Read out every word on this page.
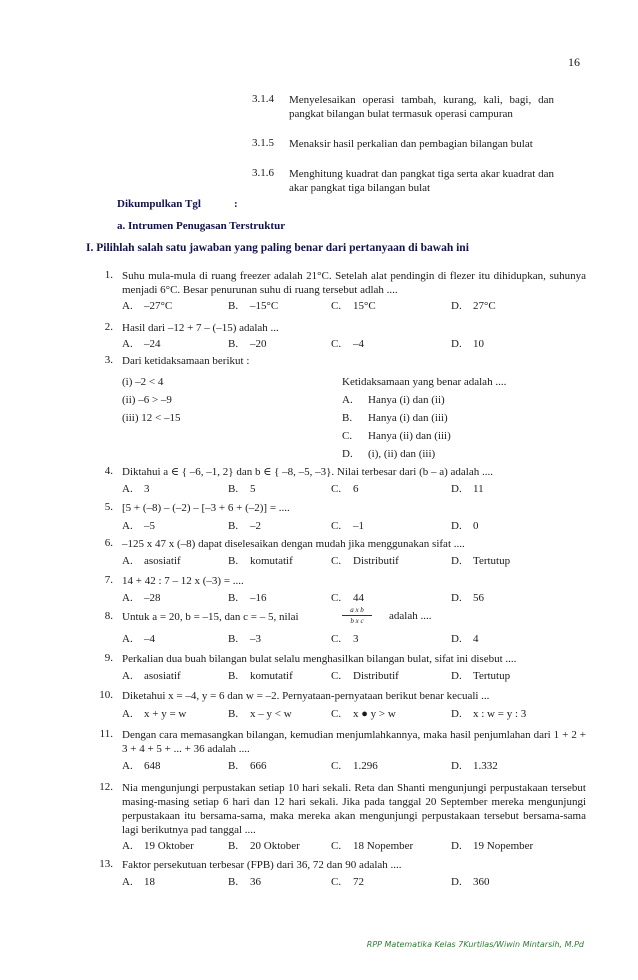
16
3.1.4 Menyelesaikan operasi tambah, kurang, kali, bagi, dan pangkat bilangan bulat termasuk operasi campuran
3.1.5 Menaksir hasil perkalian dan pembagian bilangan bulat
3.1.6 Menghitung kuadrat dan pangkat tiga serta akar kuadrat dan akar pangkat tiga bilangan bulat
Dikumpulkan Tgl	:
a. Intrumen Penugasan Terstruktur
I. Pilihlah salah satu jawaban yang paling benar dari pertanyaan di bawah ini
1. Suhu mula-mula di ruang freezer adalah 21°C. Setelah alat pendingin di flezer itu dihidupkan, suhunya menjadi 6°C. Besar penurunan suhu di ruang tersebut adlah ....
A. –27°C	B. –15°C	C. 15°C	D. 27°C
2. Hasil dari –12 + 7 – (–15) adalah ...
A. –24	B. –20	C. –4	D. 10
3. Dari ketidaksamaan berikut :
(i) –2 < 4
(ii) –6 > –9
(iii) 12 < –15
Ketidaksamaan yang benar adalah ....
A. Hanya (i) dan (ii)
B. Hanya (i) dan (iii)
C. Hanya (ii) dan (iii)
D. (i), (ii) dan (iii)
4. Diktahui a ∈ { –6, –1, 2} dan b ∈ { –8, –5, –3}. Nilai terbesar dari (b – a) adalah ....
A. 3	B. 5	C. 6	D. 11
5. [5 + (–8) – (–2) – [–3 + 6 + (–2)] = ....
A. –5	B. –2	C. –1	D. 0
6. –125 x 47 x (–8) dapat diselesaikan dengan mudah jika menggunakan sifat ....
A. asosiatif	B. komutatif	C. Distributif	D. Tertutup
7. 14 + 42 : 7 – 12 x (–3) = ....
A. –28	B. –16	C. 44	D. 56
8. Untuk a = 20, b = –15, dan c = – 5, nilai
a x b
b x c	adalah ....
A. –4	B. –3	C. 3	D. 4
9. Perkalian dua buah bilangan bulat selalu menghasilkan bilangan bulat, sifat ini disebut ....
A. asosiatif	B. komutatif	C. Distributif	D. Tertutup
10. Diketahui x = –4, y = 6 dan w = –2. Pernyataan-pernyataan berikut benar kecuali ...
A. x + y = w	B. x – y < w	C. x ● y > w	D. x : w = y : 3
11. Dengan cara memasangkan bilangan, kemudian menjumlahkannya, maka hasil penjumlahan dari 1 + 2 + 3 + 4 + 5 + ... + 36 adalah ....
A. 648	B. 666	C. 1.296	D. 1.332
12. Nia mengunjungi perpustakan setiap 10 hari sekali. Reta dan Shanti mengunjungi perpustakaan tersebut masing-masing setiap 6 hari dan 12 hari sekali. Jika pada tanggal 20 September mereka mengunjungi perpustakaan itu bersama-sama, maka mereka akan mengunjungi perpustakaan tersebut bersama-sama lagi berikutnya pad tanggal ....
A. 19 Oktober	B. 20 Oktober	C. 18 Nopember	D. 19 Nopember
13. Faktor persekutuan terbesar (FPB) dari 36, 72 dan 90 adalah ....
A. 18	B. 36	C. 72	D. 360
RPP Matematika Kelas 7Kurtilas/Wiwin Mintarsih, M.Pd
